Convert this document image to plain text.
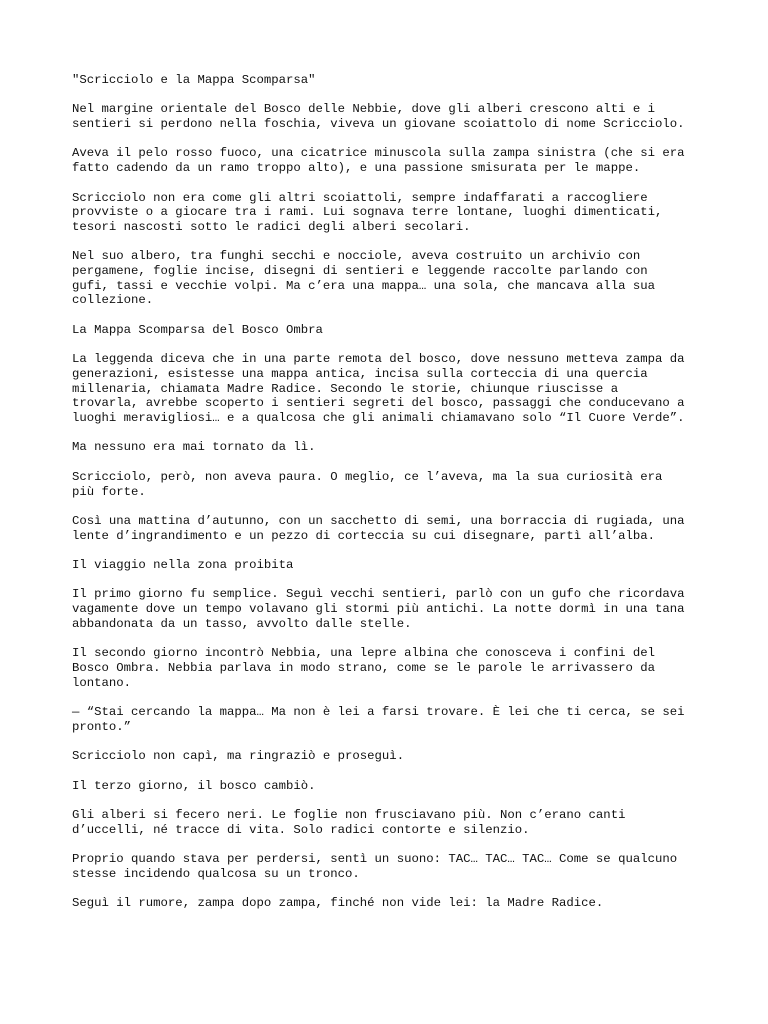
"Scricciolo e la Mappa Scomparsa"
Nel margine orientale del Bosco delle Nebbie, dove gli alberi crescono alti e i
sentieri si perdono nella foschia, viveva un giovane scoiattolo di nome Scricciolo.
Aveva il pelo rosso fuoco, una cicatrice minuscola sulla zampa sinistra (che si era
fatto cadendo da un ramo troppo alto), e una passione smisurata per le mappe.
Scricciolo non era come gli altri scoiattoli, sempre indaffarati a raccogliere
provviste o a giocare tra i rami. Lui sognava terre lontane, luoghi dimenticati,
tesori nascosti sotto le radici degli alberi secolari.
Nel suo albero, tra funghi secchi e nocciole, aveva costruito un archivio con
pergamene, foglie incise, disegni di sentieri e leggende raccolte parlando con
gufi, tassi e vecchie volpi. Ma c’era una mappa… una sola, che mancava alla sua
collezione.
La Mappa Scomparsa del Bosco Ombra
La leggenda diceva che in una parte remota del bosco, dove nessuno metteva zampa da
generazioni, esistesse una mappa antica, incisa sulla corteccia di una quercia
millenaria, chiamata Madre Radice. Secondo le storie, chiunque riuscisse a
trovarla, avrebbe scoperto i sentieri segreti del bosco, passaggi che conducevano a
luoghi meravigliosi… e a qualcosa che gli animali chiamavano solo “Il Cuore Verde”.
Ma nessuno era mai tornato da lì.
Scricciolo, però, non aveva paura. O meglio, ce l’aveva, ma la sua curiosità era
più forte.
Così una mattina d’autunno, con un sacchetto di semi, una borraccia di rugiada, una
lente d’ingrandimento e un pezzo di corteccia su cui disegnare, partì all’alba.
Il viaggio nella zona proibita
Il primo giorno fu semplice. Seguì vecchi sentieri, parlò con un gufo che ricordava
vagamente dove un tempo volavano gli stormi più antichi. La notte dormì in una tana
abbandonata da un tasso, avvolto dalle stelle.
Il secondo giorno incontrò Nebbia, una lepre albina che conosceva i confini del
Bosco Ombra. Nebbia parlava in modo strano, come se le parole le arrivassero da
lontano.
— “Stai cercando la mappa… Ma non è lei a farsi trovare. È lei che ti cerca, se sei
pronto.”
Scricciolo non capì, ma ringraziò e proseguì.
Il terzo giorno, il bosco cambiò.
Gli alberi si fecero neri. Le foglie non frusciavano più. Non c’erano canti
d’uccelli, né tracce di vita. Solo radici contorte e silenzio.
Proprio quando stava per perdersi, sentì un suono: TAC… TAC… TAC… Come se qualcuno
stesse incidendo qualcosa su un tronco.
Seguì il rumore, zampa dopo zampa, finché non vide lei: la Madre Radice.
